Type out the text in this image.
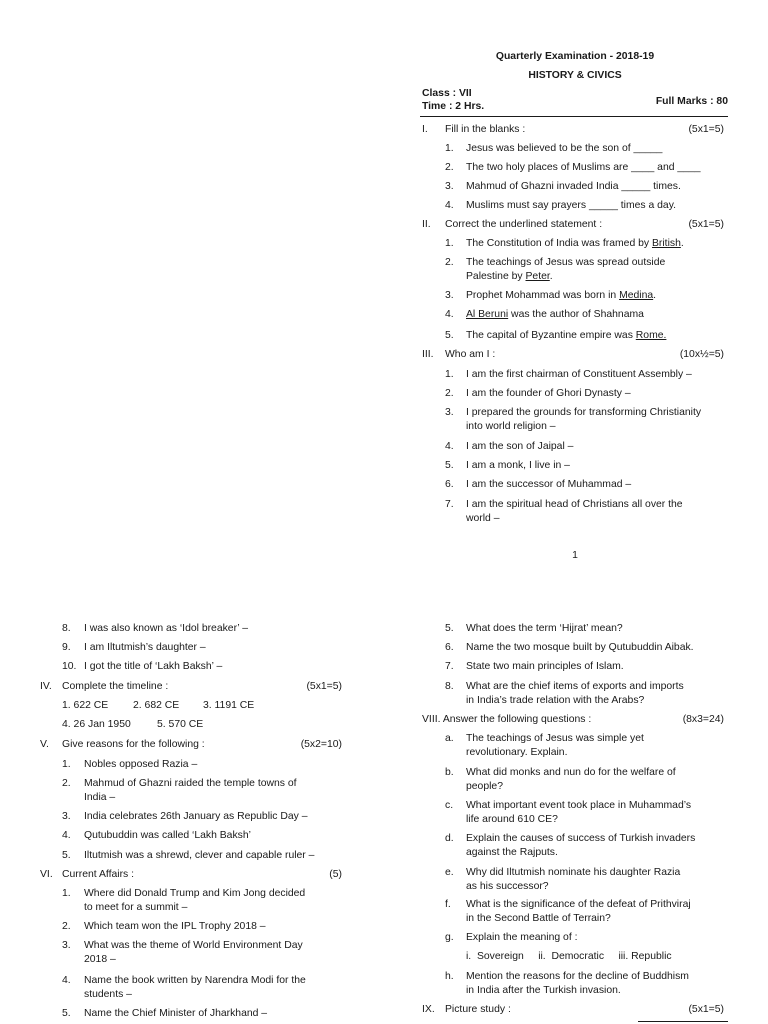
Quarterly Examination - 2018-19
HISTORY & CIVICS
Class : VII
Time : 2 Hrs.	Full Marks : 80
I. Fill in the blanks :	(5x1=5)
1. Jesus was believed to be the son of _____
2. The two holy places of Muslims are ____ and ____
3. Mahmud of Ghazni invaded India _____ times.
4. Muslims must say prayers _____ times a day.
II. Correct the underlined statement :	(5x1=5)
1. The Constitution of India was framed by British.
2. The teachings of Jesus was spread outside
Palestine by Peter.
3. Prophet Mohammad was born in Medina.
4. Al Beruni was the author of Shahnama
5. The capital of Byzantine empire was Rome.
III. Who am I :	(10x½=5)
1. I am the first chairman of Constituent Assembly –
2. I am the founder of Ghori Dynasty –
3. I prepared the grounds for transforming Christianity
into world religion –
4. I am the son of Jaipal –
5. I am a monk, I live in –
6. I am the successor of Muhammad –
7. I am the spiritual head of Christians all over the
world –
1
8. I was also known as ‘Idol breaker’ –
9. I am Iltutmish’s daughter –
10. I got the title of ‘Lakh Baksh’ –
IV. Complete the timeline :	(5x1=5)
1. 622 CE 2. 682 CE 3. 1191 CE
4. 26 Jan 1950	5. 570 CE
V. Give reasons for the following :	(5x2=10)
1. Nobles opposed Razia –
2. Mahmud of Ghazni raided the temple towns of
India –
3. India celebrates 26th January as Republic Day –
4. Qutubuddin was called ‘Lakh Baksh’
5. Iltutmish was a shrewd, clever and capable ruler –
VI. Current Affairs :	(5)
1. Where did Donald Trump and Kim Jong decided
to meet for a summit –
2. Which team won the IPL Trophy 2018 –
3. What was the theme of World Environment Day
2018 –
4. Name the book written by Narendra Modi for the
students –
5. Name the Chief Minister of Jharkhand –
5. What does the term ‘Hijrat’ mean?
6. Name the two mosque built by Qutubuddin Aibak.
7. State two main principles of Islam.
8. What are the chief items of exports and imports
in India’s trade relation with the Arabs?
VIII. Answer the following questions :	(8x3=24)
a. The teachings of Jesus was simple yet
revolutionary. Explain.
b. What did monks and nun do for the welfare of
people?
c. What important event took place in Muhammad’s
life around 610 CE?
d. Explain the causes of success of Turkish invaders
against the Rajputs.
e. Why did Iltutmish nominate his daughter Razia
as his successor?
f. What is the significance of the defeat of Prithviraj
in the Second Battle of Terrain?
g. Explain the meaning of :
i.  Sovereign     ii.  Democratic     iii. Republic
h. Mention the reasons for the decline of Buddhism
in India after the Turkish invasion.
IX. Picture study :	(5x1=5)
